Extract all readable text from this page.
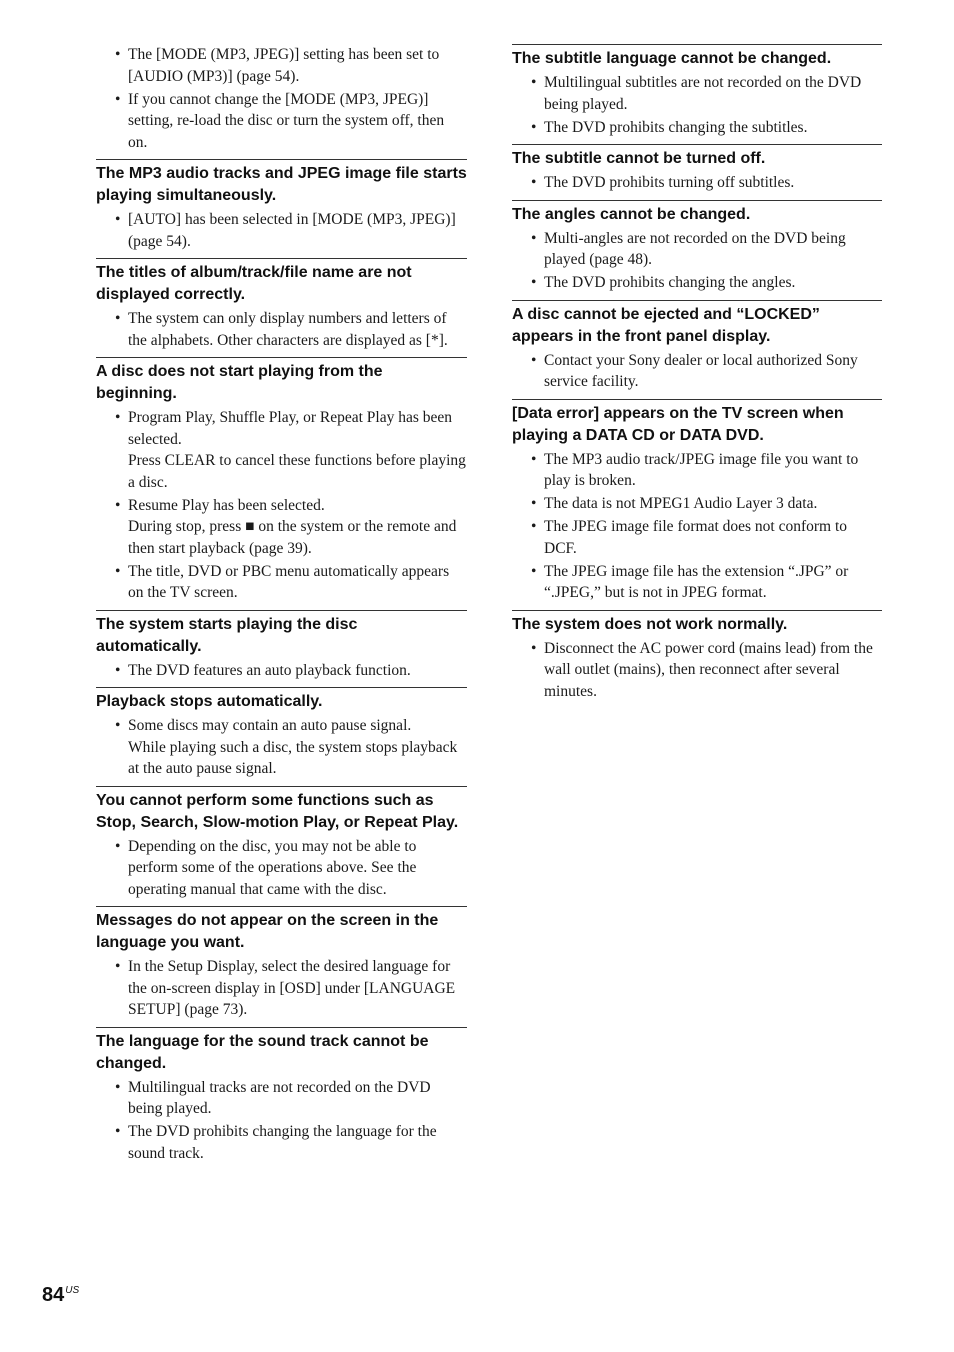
• The [MODE (MP3, JPEG)] setting has been set to [AUDIO (MP3)] (page 54).
• If you cannot change the [MODE (MP3, JPEG)] setting, re-load the disc or turn the system off, then on.
The MP3 audio tracks and JPEG image file starts playing simultaneously.
• [AUTO] has been selected in [MODE (MP3, JPEG)] (page 54).
The titles of album/track/file name are not displayed correctly.
• The system can only display numbers and letters of the alphabets. Other characters are displayed as [*].
A disc does not start playing from the beginning.
• Program Play, Shuffle Play, or Repeat Play has been selected.
Press CLEAR to cancel these functions before playing a disc.
• Resume Play has been selected.
During stop, press ■ on the system or the remote and then start playback (page 39).
• The title, DVD or PBC menu automatically appears on the TV screen.
The system starts playing the disc automatically.
• The DVD features an auto playback function.
Playback stops automatically.
• Some discs may contain an auto pause signal.
While playing such a disc, the system stops playback at the auto pause signal.
You cannot perform some functions such as Stop, Search, Slow-motion Play, or Repeat Play.
• Depending on the disc, you may not be able to perform some of the operations above. See the operating manual that came with the disc.
Messages do not appear on the screen in the language you want.
• In the Setup Display, select the desired language for the on-screen display in [OSD] under [LANGUAGE SETUP] (page 73).
The language for the sound track cannot be changed.
• Multilingual tracks are not recorded on the DVD being played.
• The DVD prohibits changing the language for the sound track.
The subtitle language cannot be changed.
• Multilingual subtitles are not recorded on the DVD being played.
• The DVD prohibits changing the subtitles.
The subtitle cannot be turned off.
• The DVD prohibits turning off subtitles.
The angles cannot be changed.
• Multi-angles are not recorded on the DVD being played (page 48).
• The DVD prohibits changing the angles.
A disc cannot be ejected and “LOCKED” appears in the front panel display.
• Contact your Sony dealer or local authorized Sony service facility.
[Data error] appears on the TV screen when playing a DATA CD or DATA DVD.
• The MP3 audio track/JPEG image file you want to play is broken.
• The data is not MPEG1 Audio Layer 3 data.
• The JPEG image file format does not conform to DCF.
• The JPEG image file has the extension “.JPG” or “.JPEG,” but is not in JPEG format.
The system does not work normally.
• Disconnect the AC power cord (mains lead) from the wall outlet (mains), then reconnect after several minutes.
$84^{US}$
